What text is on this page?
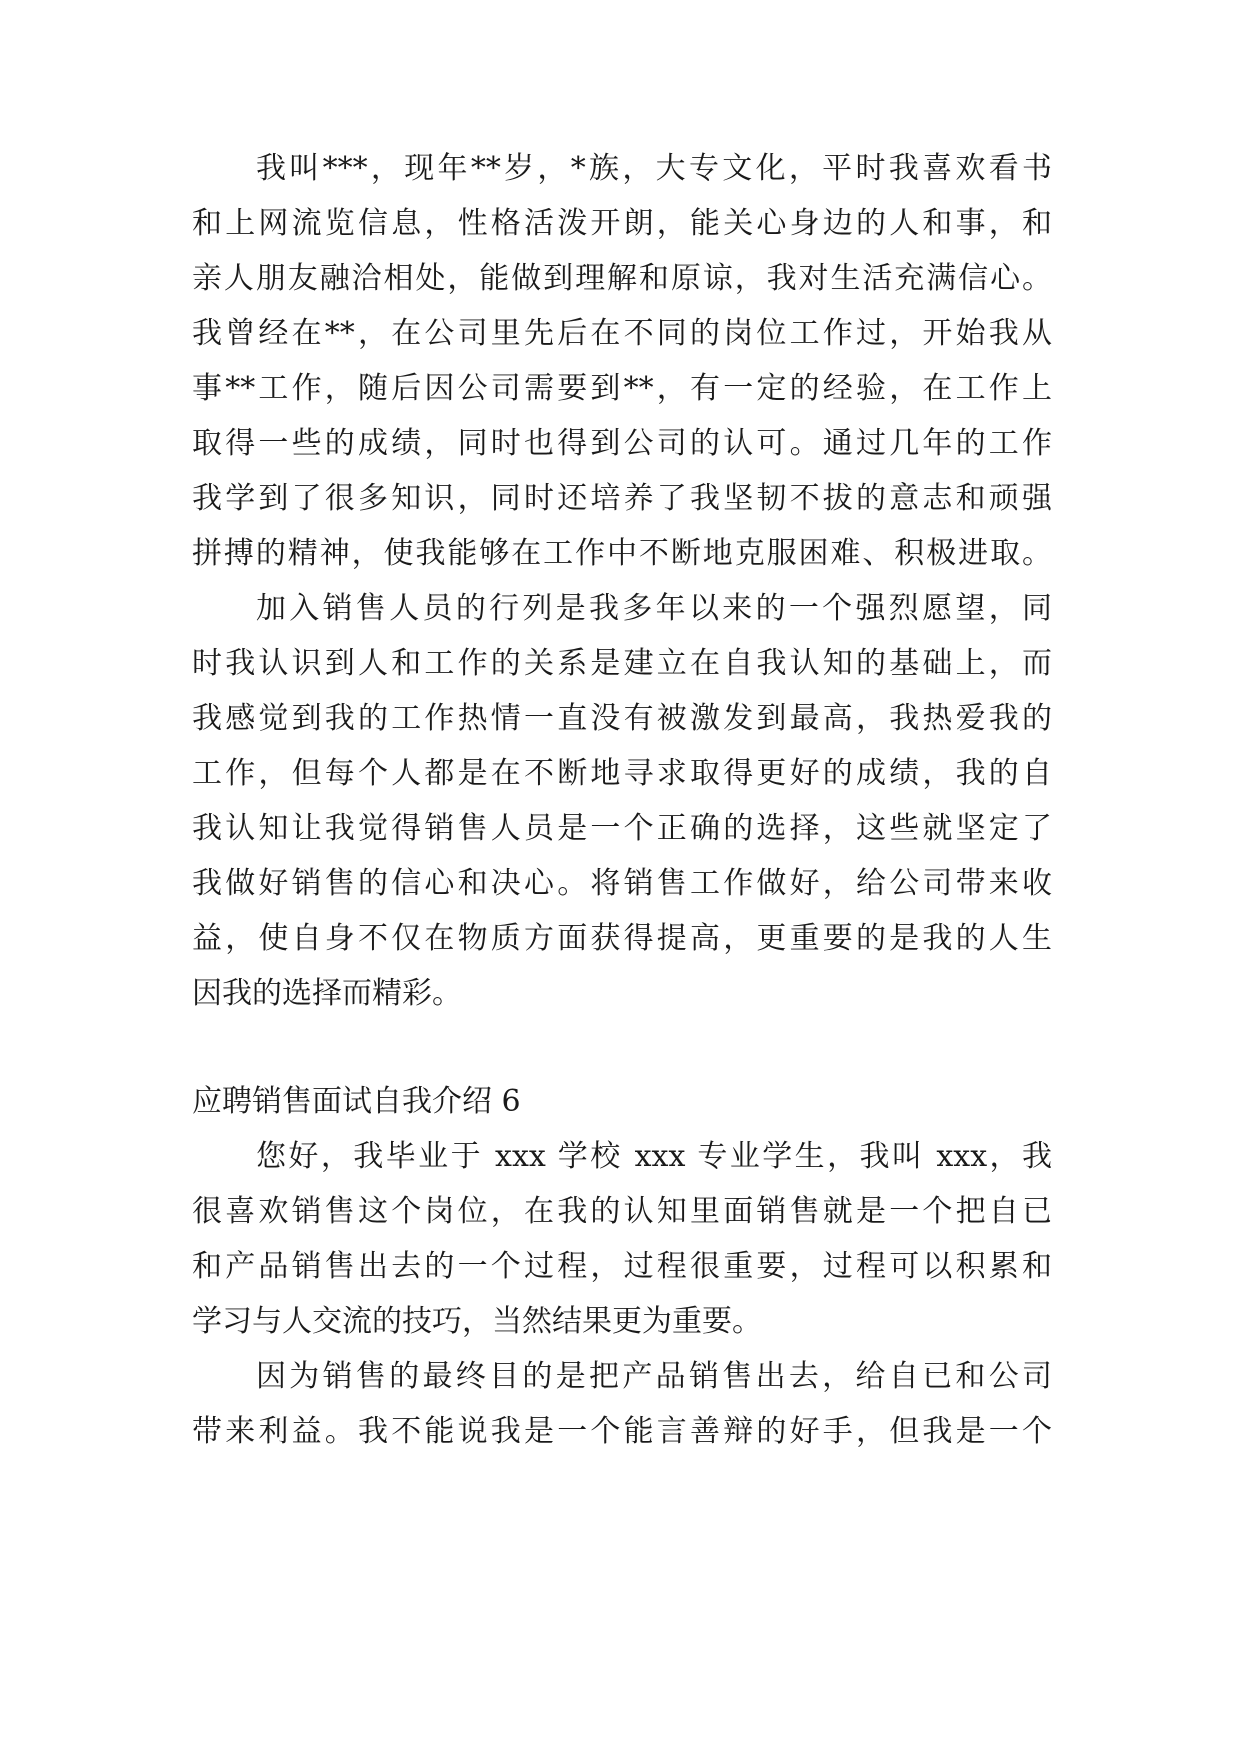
我叫***，现年**岁，*族，大专文化，平时我喜欢看书
和上网流览信息，性格活泼开朗，能关心身边的人和事，和
亲人朋友融洽相处，能做到理解和原谅，我对生活充满信心。
我曾经在**，在公司里先后在不同的岗位工作过，开始我从
事**工作，随后因公司需要到**，有一定的经验，在工作上
取得一些的成绩，同时也得到公司的认可。通过几年的工作
我学到了很多知识，同时还培养了我坚韧不拔的意志和顽强
拼搏的精神，使我能够在工作中不断地克服困难、积极进取。
加入销售人员的行列是我多年以来的一个强烈愿望，同
时我认识到人和工作的关系是建立在自我认知的基础上，而
我感觉到我的工作热情一直没有被激发到最高，我热爱我的
工作，但每个人都是在不断地寻求取得更好的成绩，我的自
我认知让我觉得销售人员是一个正确的选择，这些就坚定了
我做好销售的信心和决心。将销售工作做好，给公司带来收
益，使自身不仅在物质方面获得提高，更重要的是我的人生
因我的选择而精彩。
应聘销售面试自我介绍 6
您好，我毕业于 xxx 学校 xxx 专业学生，我叫 xxx，我
很喜欢销售这个岗位，在我的认知里面销售就是一个把自已
和产品销售出去的一个过程，过程很重要，过程可以积累和
学习与人交流的技巧，当然结果更为重要。
因为销售的最终目的是把产品销售出去，给自已和公司
带来利益。我不能说我是一个能言善辩的好手，但我是一个
